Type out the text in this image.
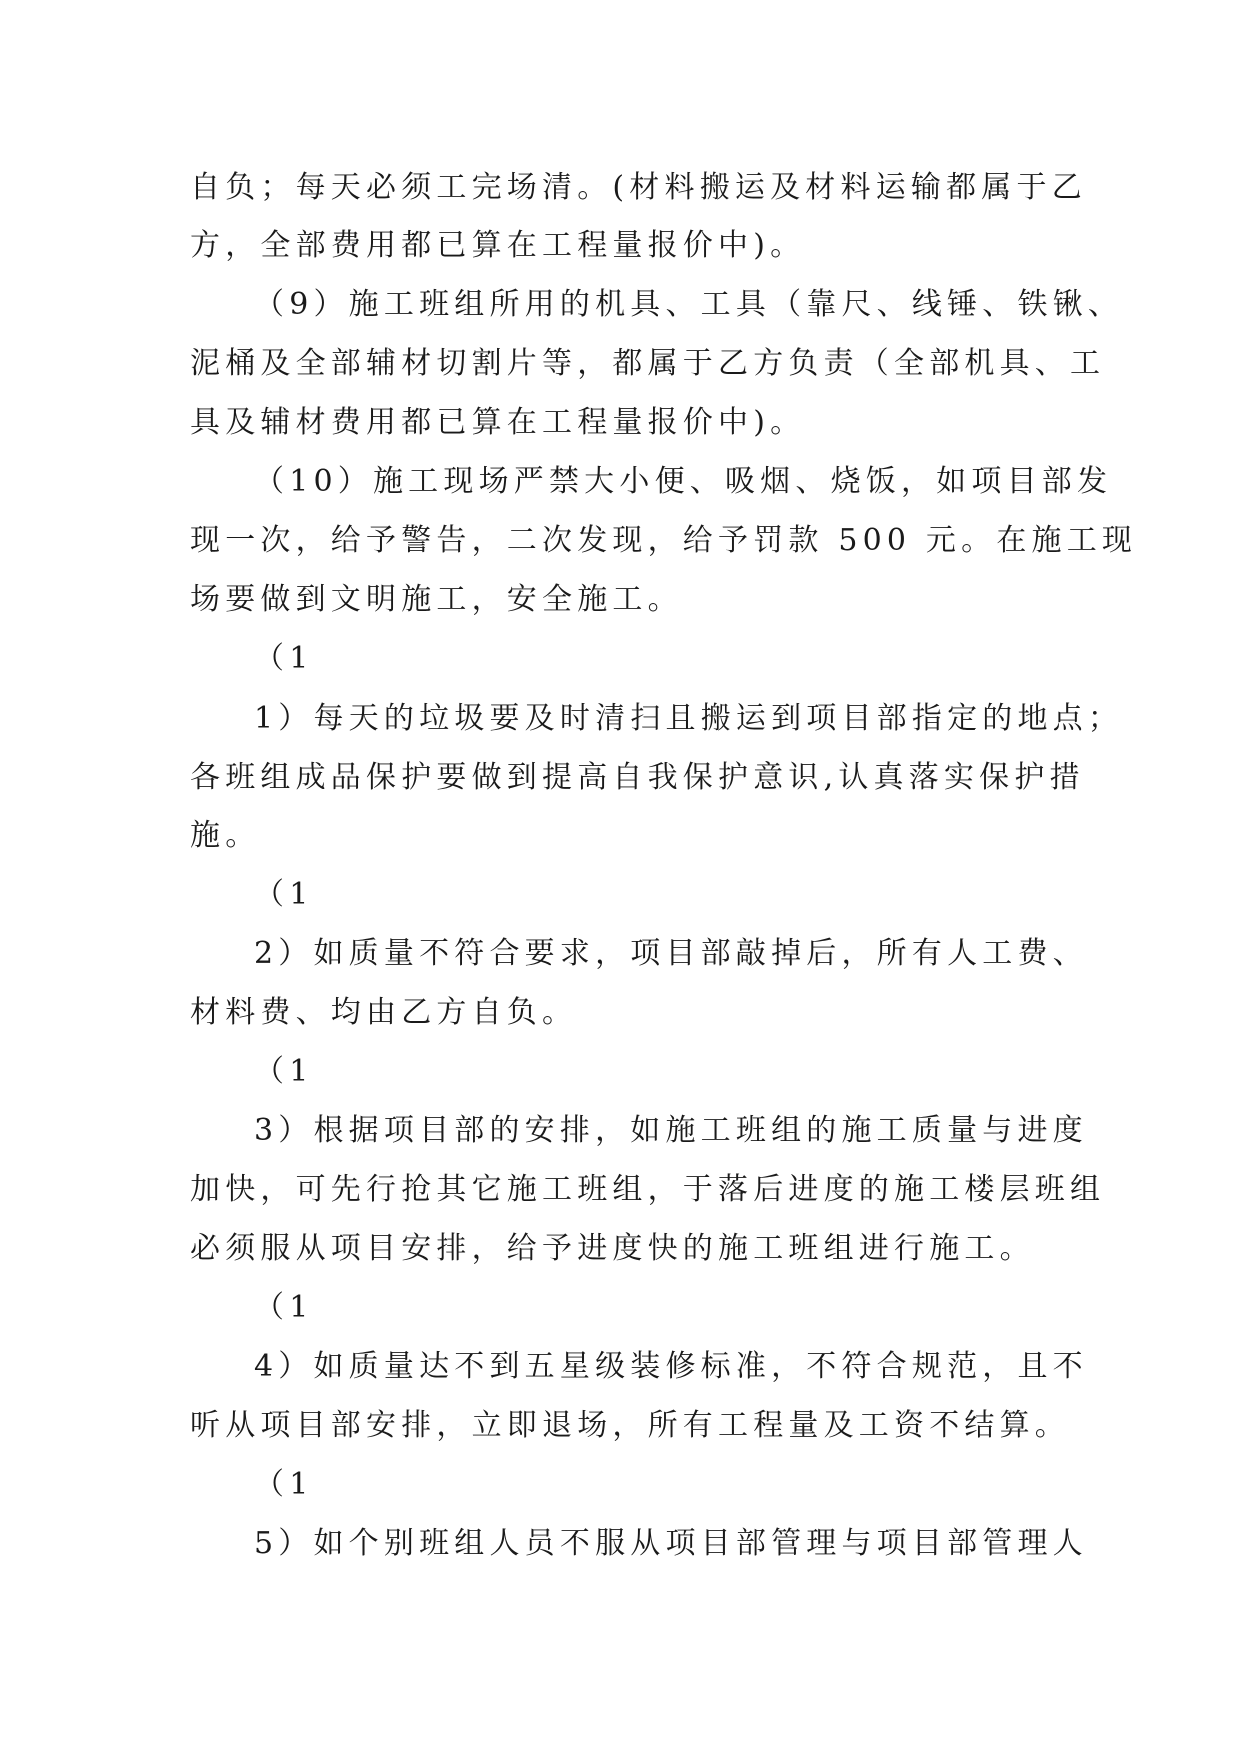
自负；每天必须工完场清。(材料搬运及材料运输都属于乙
方，全部费用都已算在工程量报价中)。
（9）施工班组所用的机具、工具（靠尺、线锤、铁锹、
泥桶及全部辅材切割片等，都属于乙方负责（全部机具、工
具及辅材费用都已算在工程量报价中)。
（10）施工现场严禁大小便、吸烟、烧饭，如项目部发
现一次，给予警告，二次发现，给予罚款 500 元。在施工现
场要做到文明施工，安全施工。
（1
1）每天的垃圾要及时清扫且搬运到项目部指定的地点；
各班组成品保护要做到提高自我保护意识,认真落实保护措
施。
（1
2）如质量不符合要求，项目部敲掉后，所有人工费、
材料费、均由乙方自负。
（1
3）根据项目部的安排，如施工班组的施工质量与进度
加快，可先行抢其它施工班组，于落后进度的施工楼层班组
必须服从项目安排，给予进度快的施工班组进行施工。
（1
4）如质量达不到五星级装修标准，不符合规范，且不
听从项目部安排，立即退场，所有工程量及工资不结算。
（1
5）如个别班组人员不服从项目部管理与项目部管理人
